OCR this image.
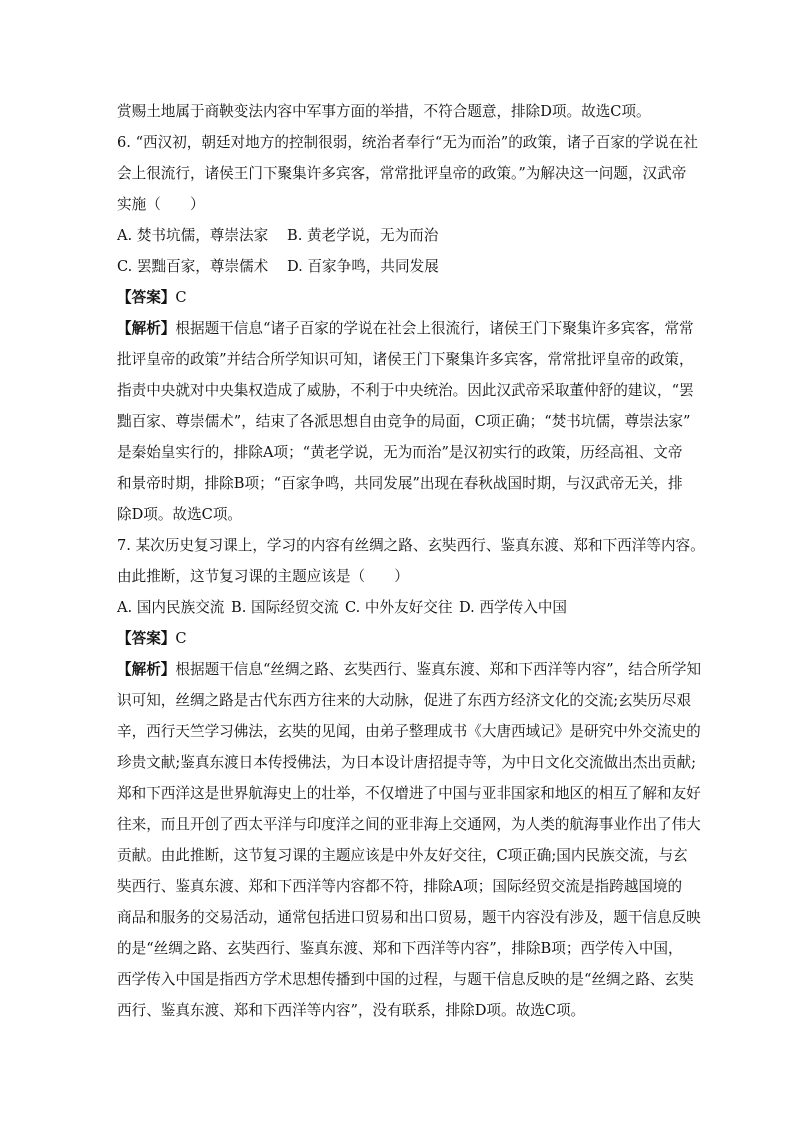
赏赐土地属于商鞅变法内容中军事方面的举措，不符合题意，排除D项。故选C项。
6. “西汉初，朝廷对地方的控制很弱，统治者奉行“无为而治”的政策，诸子百家的学说在社
会上很流行，诸侯王门下聚集许多宾客，常常批评皇帝的政策。”为解决这一问题，汉武帝
实施（　　）
A. 焚书坑儒，尊崇法家	B. 黄老学说，无为而治
C. 罢黜百家，尊崇儒术	D. 百家争鸣，共同发展
【答案】C
【解析】根据题干信息“诸子百家的学说在社会上很流行，诸侯王门下聚集许多宾客，常常
批评皇帝的政策”并结合所学知识可知，诸侯王门下聚集许多宾客，常常批评皇帝的政策，
指责中央就对中央集权造成了威胁，不利于中央统治。因此汉武帝采取董仲舒的建议，“罢
黜百家、尊崇儒术”，结束了各派思想自由竞争的局面，C项正确；“焚书坑儒，尊崇法家”
是秦始皇实行的，排除A项；“黄老学说，无为而治”是汉初实行的政策，历经高祖、文帝
和景帝时期，排除B项；“百家争鸣，共同发展”出现在春秋战国时期，与汉武帝无关，排
除D项。故选C项。
7. 某次历史复习课上，学习的内容有丝绸之路、玄奘西行、鉴真东渡、郑和下西洋等内容。
由此推断，这节复习课的主题应该是（　　）
A. 国内民族交流 B. 国际经贸交流 C. 中外友好交往 D. 西学传入中国
【答案】C
【解析】根据题干信息“丝绸之路、玄奘西行、鉴真东渡、郑和下西洋等内容”，结合所学知
识可知，丝绸之路是古代东西方往来的大动脉，促进了东西方经济文化的交流;玄奘历尽艰
辛，西行天竺学习佛法，玄奘的见闻，由弟子整理成书《大唐西域记》是研究中外交流史的
珍贵文献;鉴真东渡日本传授佛法，为日本设计唐招提寺等，为中日文化交流做出杰出贡献;
郑和下西洋这是世界航海史上的壮举，不仅增进了中国与亚非国家和地区的相互了解和友好
往来，而且开创了西太平洋与印度洋之间的亚非海上交通网，为人类的航海事业作出了伟大
贡献。由此推断，这节复习课的主题应该是中外友好交往，C项正确;国内民族交流，与玄
奘西行、鉴真东渡、郑和下西洋等内容都不符，排除A项；国际经贸交流是指跨越国境的
商品和服务的交易活动，通常包括进口贸易和出口贸易，题干内容没有涉及，题干信息反映
的是“丝绸之路、玄奘西行、鉴真东渡、郑和下西洋等内容”，排除B项；西学传入中国，
西学传入中国是指西方学术思想传播到中国的过程，与题干信息反映的是“丝绸之路、玄奘
西行、鉴真东渡、郑和下西洋等内容”，没有联系，排除D项。故选C项。
